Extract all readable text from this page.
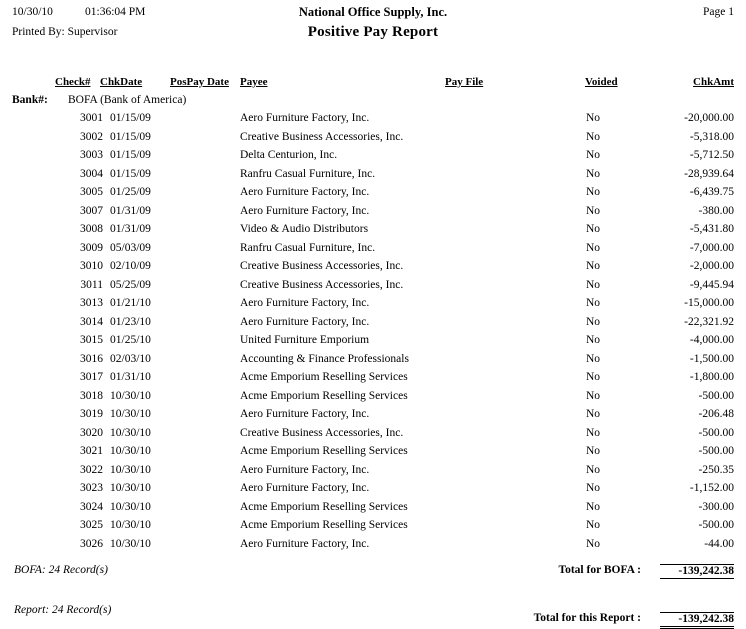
10/30/10	01:36:04 PM
Printed By: Supervisor
National Office Supply, Inc.
Positive Pay Report
Page 1
Check# ChkDate	PosPay Date Payee	Pay File	Voided	ChkAmt
Bank#: BOFA (Bank of America)
3001 01/15/09	Aero Furniture Factory, Inc.	No	-20,000.00
3002 01/15/09	Creative Business Accessories, Inc.	No	-5,318.00
3003 01/15/09	Delta Centurion, Inc.	No	-5,712.50
3004 01/15/09	Ranfru Casual Furniture, Inc.	No	-28,939.64
3005 01/25/09	Aero Furniture Factory, Inc.	No	-6,439.75
3007 01/31/09	Aero Furniture Factory, Inc.	No	-380.00
3008 01/31/09	Video & Audio Distributors	No	-5,431.80
3009 05/03/09	Ranfru Casual Furniture, Inc.	No	-7,000.00
3010 02/10/09	Creative Business Accessories, Inc.	No	-2,000.00
3011 05/25/09	Creative Business Accessories, Inc.	No	-9,445.94
3013 01/21/10	Aero Furniture Factory, Inc.	No	-15,000.00
3014 01/23/10	Aero Furniture Factory, Inc.	No	-22,321.92
3015 01/25/10	United Furniture Emporium	No	-4,000.00
3016 02/03/10	Accounting & Finance Professionals	No	-1,500.00
3017 01/31/10	Acme Emporium Reselling Services	No	-1,800.00
3018 10/30/10	Acme Emporium Reselling Services	No	-500.00
3019 10/30/10	Aero Furniture Factory, Inc.	No	-206.48
3020 10/30/10	Creative Business Accessories, Inc.	No	-500.00
3021 10/30/10	Acme Emporium Reselling Services	No	-500.00
3022 10/30/10	Aero Furniture Factory, Inc.	No	-250.35
3023 10/30/10	Aero Furniture Factory, Inc.	No	-1,152.00
3024 10/30/10	Acme Emporium Reselling Services	No	-300.00
3025 10/30/10	Acme Emporium Reselling Services	No	-500.00
3026 10/30/10	Aero Furniture Factory, Inc.	No	-44.00
BOFA: 24 Record(s)	Total for BOFA :	-139,242.38
Report: 24 Record(s)
Total for this Report :	-139,242.38
